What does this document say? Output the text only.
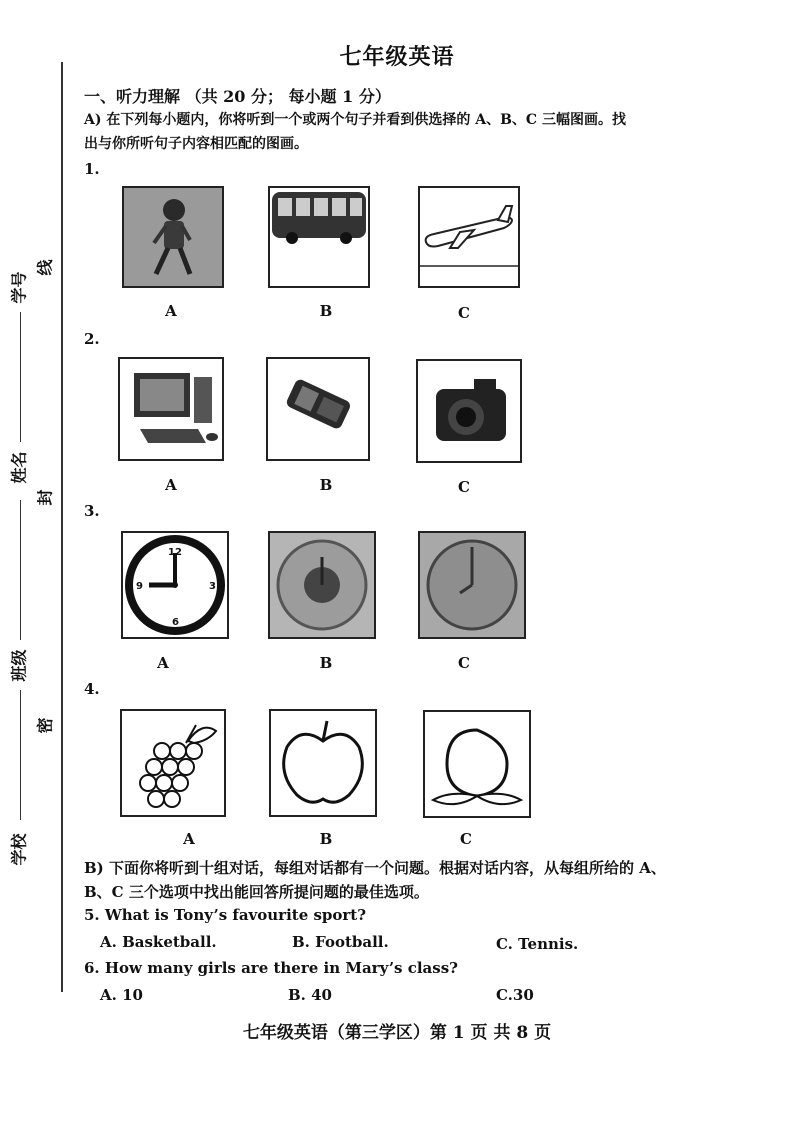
学号
线
姓名
封
班级
密
学校
七年级英语
一、听力理解 （共 20 分； 每小题 1 分）
A) 在下列每小题内，你将听到一个或两个句子并看到供选择的 A、B、C 三幅图画。找
出与你所听句子内容相匹配的图画。
1.
A	B	C
2.
A	B	C
3.
12
3
6
9
A	B	C
4.
A	B	C
B) 下面你将听到十组对话，每组对话都有一个问题。根据对话内容，从每组所给的 A、
B、C 三个选项中找出能回答所提问题的最佳选项。
5. What is Tony’s favourite sport?
A. Basketball.	B. Football.	C. Tennis.
6. How many girls are there in Mary’s class?
A. 10	B. 40	C.30
七年级英语（第三学区）第 1 页 共 8 页
